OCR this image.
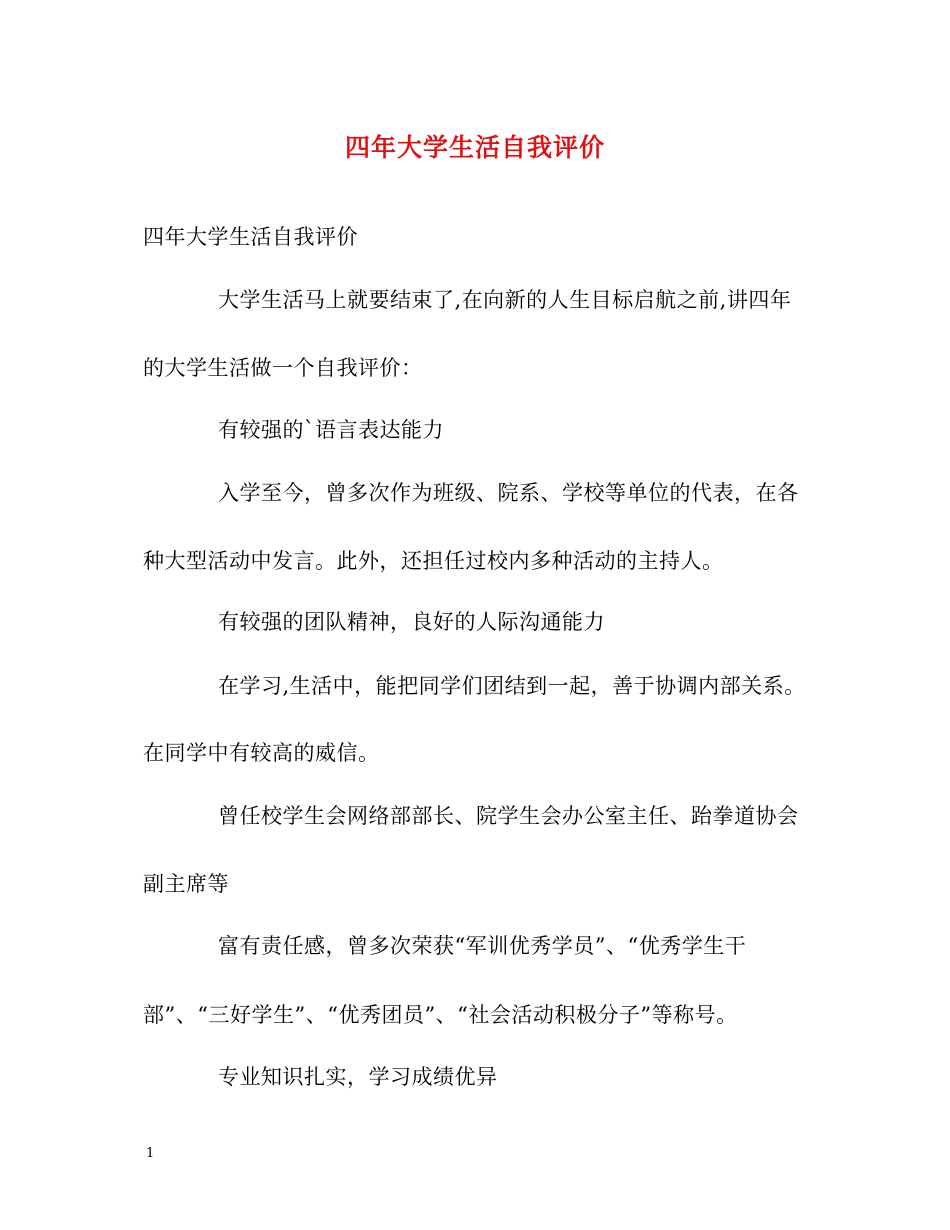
四年大学生活自我评价
四年大学生活自我评价
大学生活马上就要结束了,在向新的人生目标启航之前,讲四年
的大学生活做一个自我评价：
有较强的`语言表达能力
入学至今，曾多次作为班级、院系、学校等单位的代表，在各
种大型活动中发言。此外，还担任过校内多种活动的主持人。
有较强的团队精神，良好的人际沟通能力
在学习,生活中，能把同学们团结到一起，善于协调内部关系。
在同学中有较高的威信。
曾任校学生会网络部部长、院学生会办公室主任、跆拳道协会
副主席等
富有责任感，曾多次荣获“军训优秀学员”、“优秀学生干
部”、“三好学生”、“优秀团员”、“社会活动积极分子”等称号。
专业知识扎实，学习成绩优异
1
